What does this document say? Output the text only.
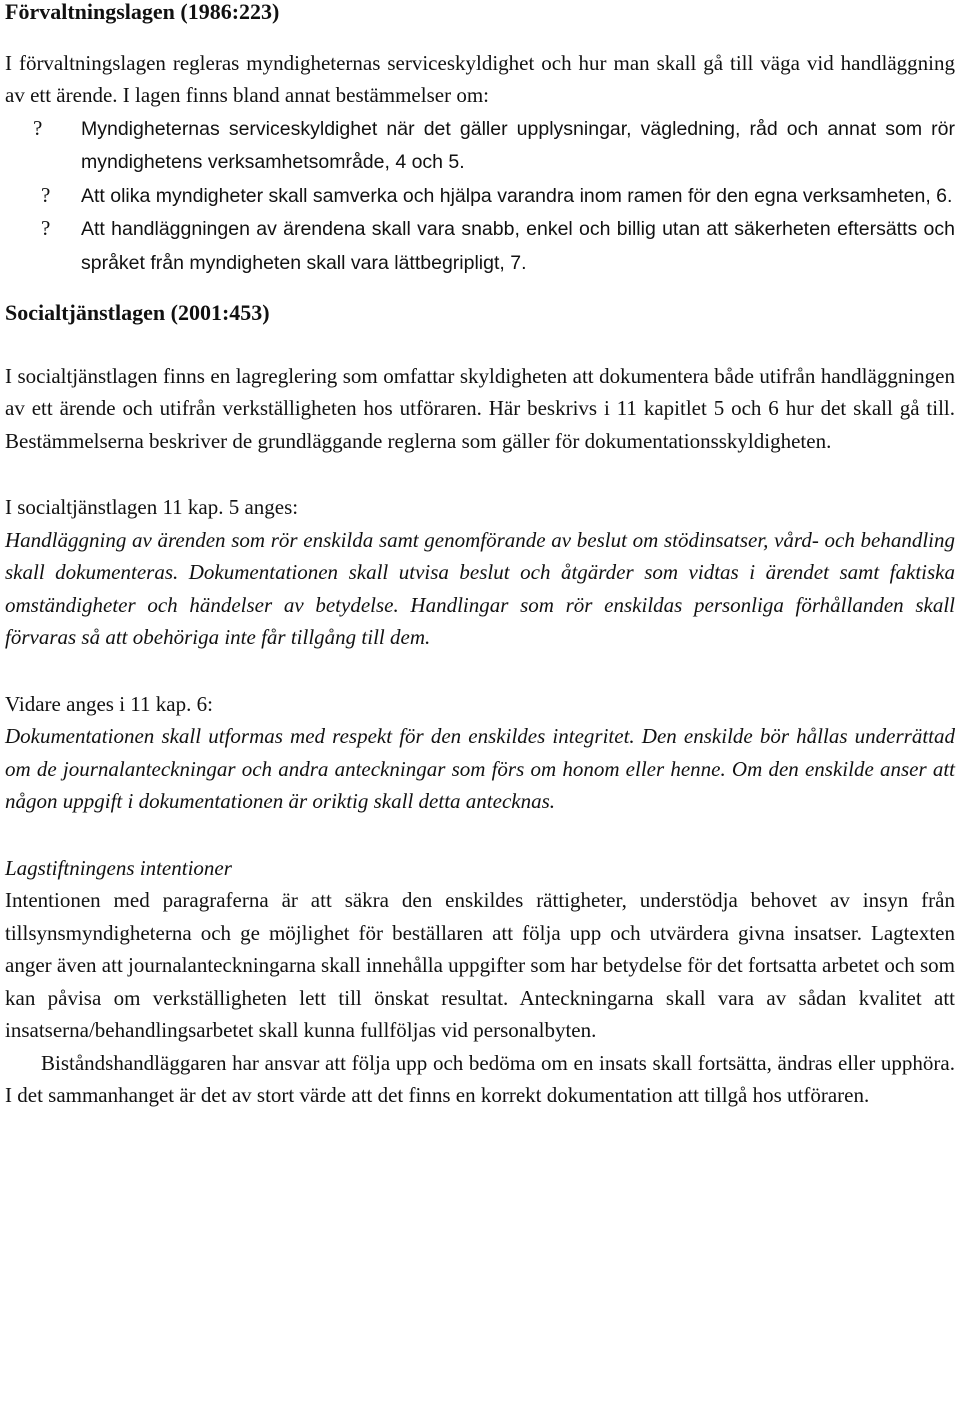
Förvaltningslagen (1986:223)

I förvaltningslagen regleras myndigheternas serviceskyldighet och hur man skall gå till väga vid handläggning av ett ärende. I lagen finns bland annat bestämmelser om:

? Myndigheternas serviceskyldighet när det gäller upplysningar, vägledning, råd och annat som rör myndighetens verksamhetsområde, 4 och 5.
? Att olika myndigheter skall samverka och hjälpa varandra inom ramen för den egna verksamheten, 6.
? Att handläggningen av ärendena skall vara snabb, enkel och billig utan att säkerheten eftersätts och språket från myndigheten skall vara lättbegripligt, 7.
Socialtjänstlagen (2001:453)

I socialtjänstlagen finns en lagreglering som omfattar skyldigheten att dokumentera både utifrån handläggningen av ett ärende och utifrån verkställigheten hos utföraren. Här beskrivs i 11 kapitlet 5 och 6 hur det skall gå till. Bestämmelserna beskriver de grundläggande reglerna som gäller för dokumentationsskyldigheten.

I socialtjänstlagen 11 kap. 5 anges:

Handläggning av ärenden som rör enskilda samt genomförande av beslut om stödinsatser, vård- och behandling skall dokumenteras. Dokumentationen skall utvisa beslut och åtgärder som vidtas i ärendet samt faktiska omständigheter och händelser av betydelse. Handlingar som rör enskildas personliga förhållanden skall förvaras så att obehöriga inte får tillgång till dem.

Vidare anges i 11 kap. 6:

Dokumentationen skall utformas med respekt för den enskildes integritet. Den enskilde bör hållas underrättad om de journalanteckningar och andra anteckningar som förs om honom eller henne. Om den enskilde anser att någon uppgift i dokumentationen är oriktig skall detta antecknas.

Lagstiftningens intentioner

Intentionen med paragraferna är att säkra den enskildes rättigheter, understödja behovet av insyn från tillsynsmyndigheterna och ge möjlighet för beställaren att följa upp och utvärdera givna insatser. Lagtexten anger även att journalanteckningarna skall innehålla uppgifter som har betydelse för det fortsatta arbetet och som kan påvisa om verkställigheten lett till önskat resultat. Anteckningarna skall vara av sådan kvalitet att insatserna/behandlingsarbetet skall kunna fullföljas vid personalbyten.

Biståndshandläggaren har ansvar att följa upp och bedöma om en insats skall fortsätta, ändras eller upphöra. I det sammanhanget är det av stort värde att det finns en korrekt dokumentation att tillgå hos utföraren.
